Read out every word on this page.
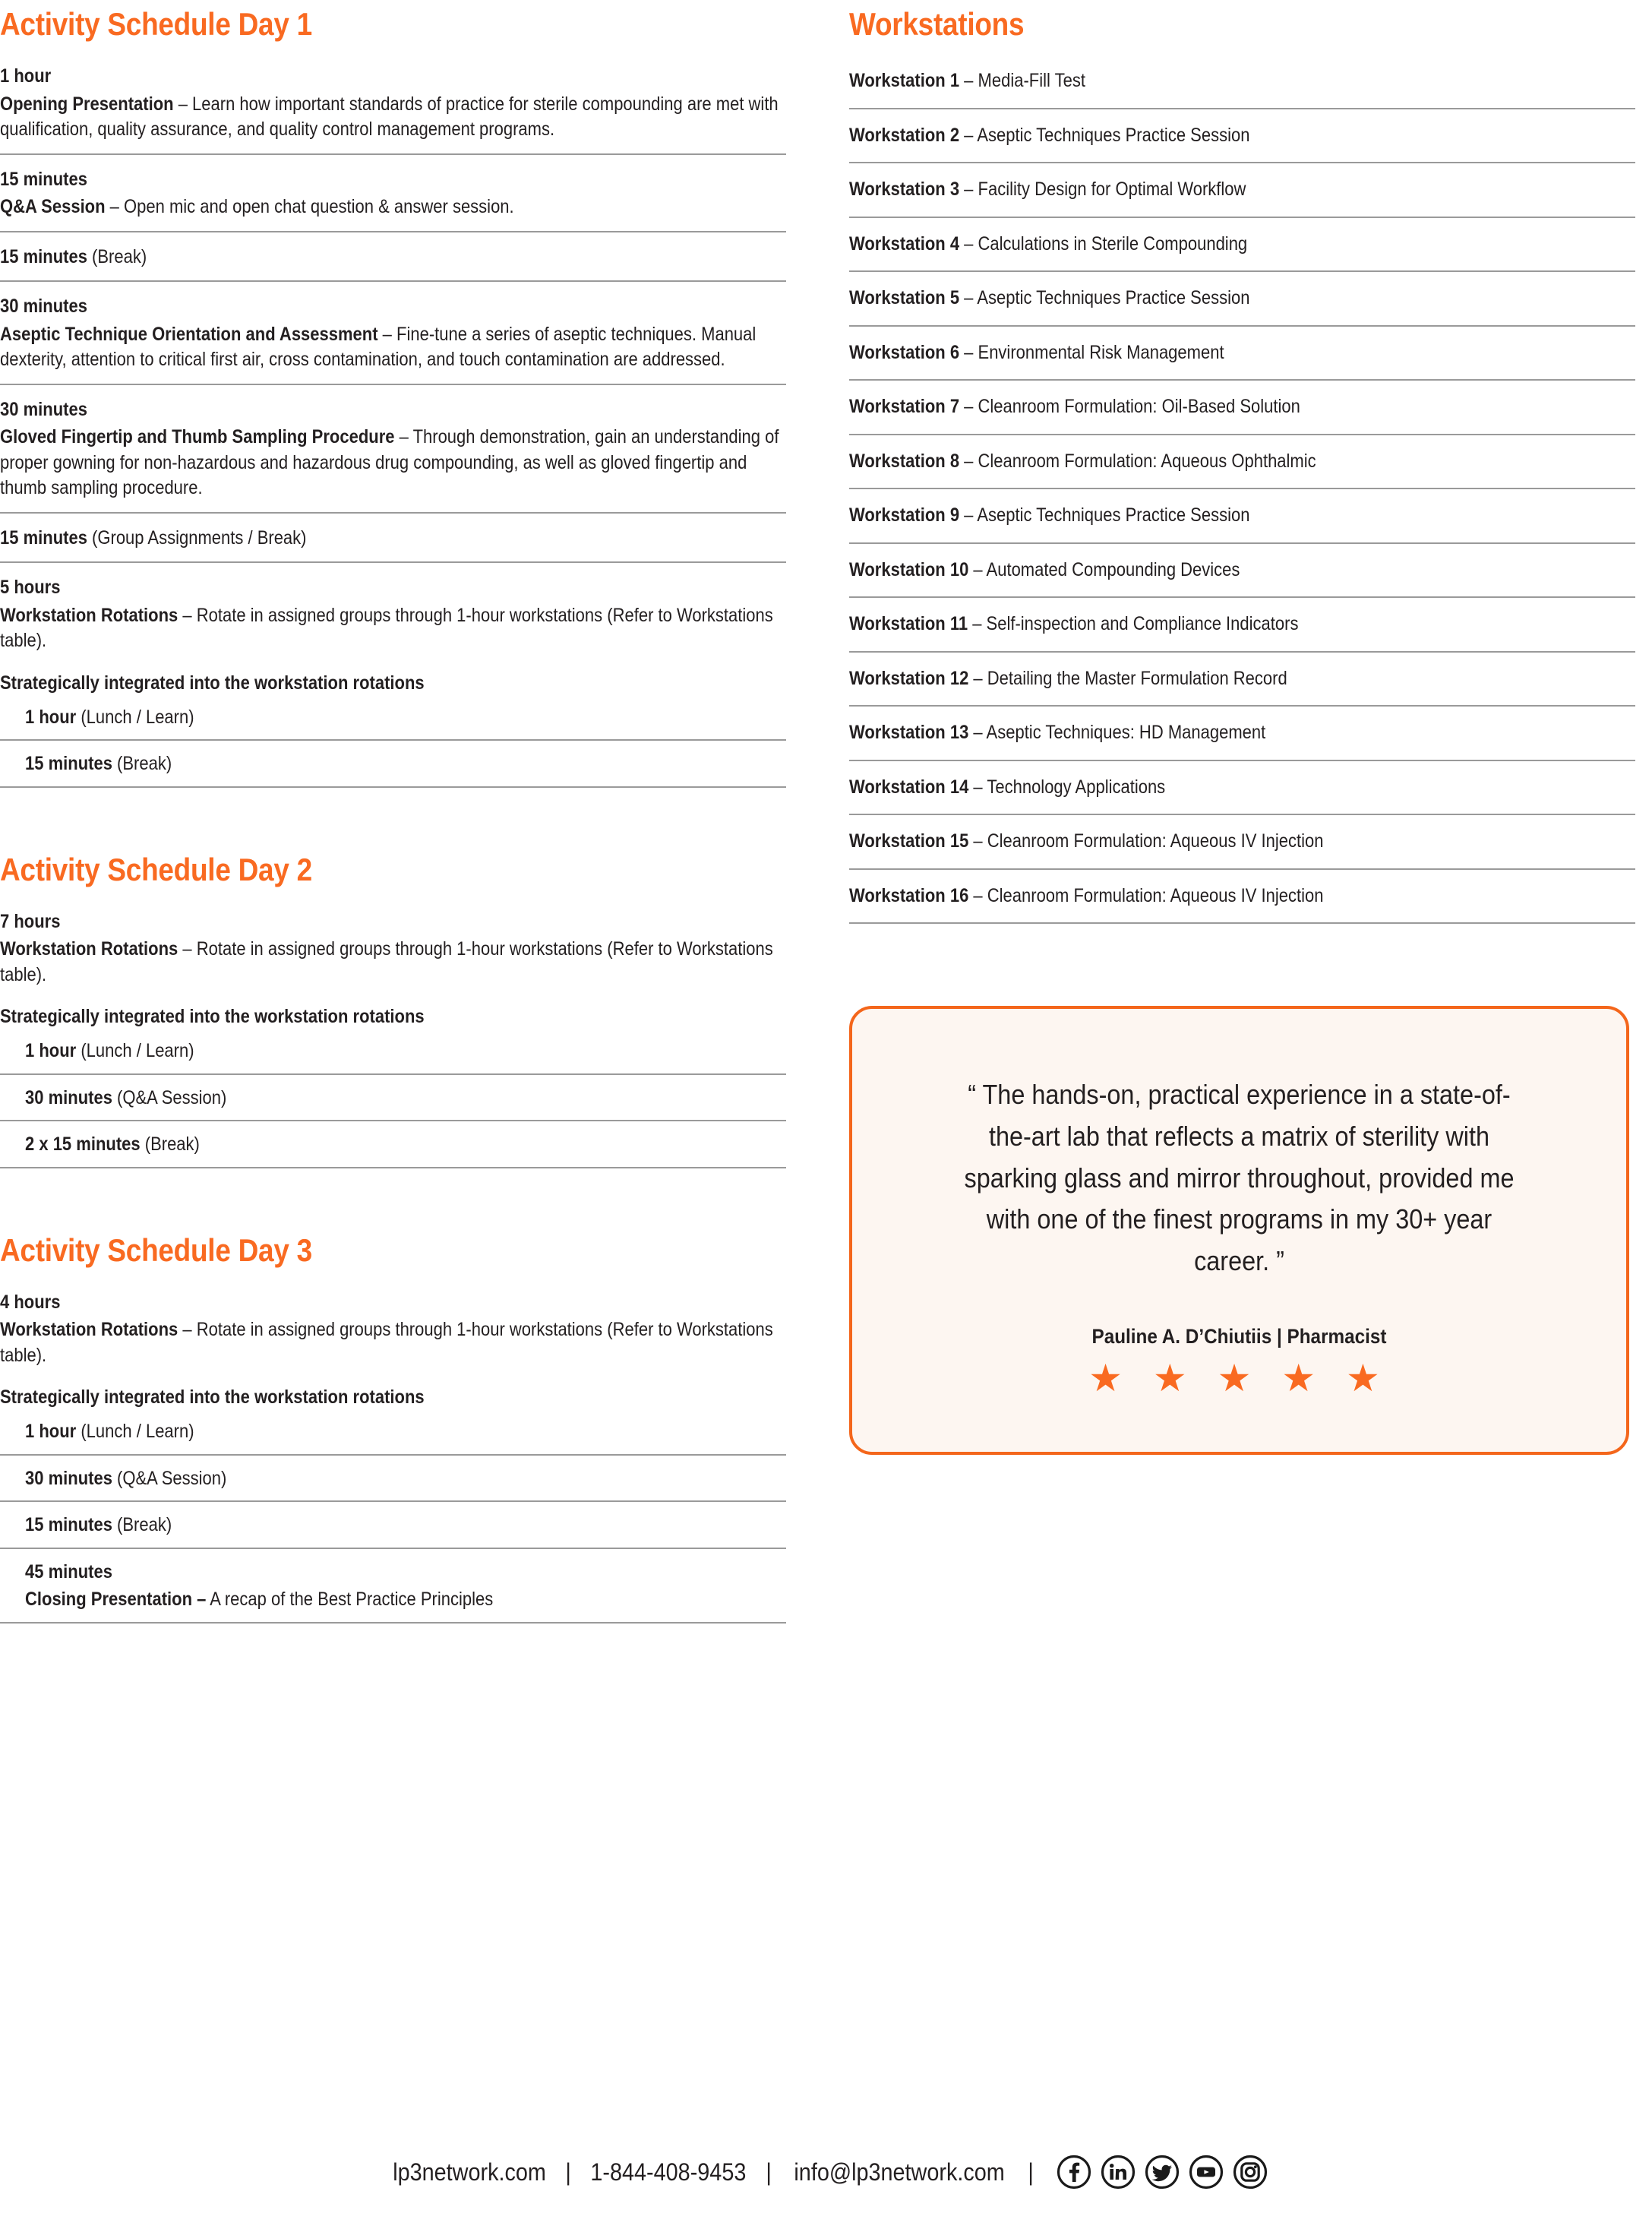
Activity Schedule Day 1
1 hour
Opening Presentation – Learn how important standards of practice for sterile compounding are met with qualification, quality assurance, and quality control management programs.
15 minutes
Q&A Session – Open mic and open chat question & answer session.
15 minutes (Break)
30 minutes
Aseptic Technique Orientation and Assessment – Fine-tune a series of aseptic techniques. Manual dexterity, attention to critical first air, cross contamination, and touch contamination are addressed.
30 minutes
Gloved Fingertip and Thumb Sampling Procedure – Through demonstration, gain an understanding of proper gowning for non-hazardous and hazardous drug compounding, as well as gloved fingertip and thumb sampling procedure.
15 minutes (Group Assignments / Break)
5 hours
Workstation Rotations – Rotate in assigned groups through 1-hour workstations (Refer to Workstations table).
Strategically integrated into the workstation rotations
1 hour (Lunch / Learn)
15 minutes (Break)
Activity Schedule Day 2
7 hours
Workstation Rotations – Rotate in assigned groups through 1-hour workstations (Refer to Workstations table).
Strategically integrated into the workstation rotations
1 hour (Lunch / Learn)
30 minutes (Q&A Session)
2 x 15 minutes (Break)
Activity Schedule Day 3
4 hours
Workstation Rotations – Rotate in assigned groups through 1-hour workstations (Refer to Workstations table).
Strategically integrated into the workstation rotations
1 hour (Lunch / Learn)
30 minutes (Q&A Session)
15 minutes (Break)
45 minutes
Closing Presentation – A recap of the Best Practice Principles
Workstations
Workstation 1 – Media-Fill Test
Workstation 2 – Aseptic Techniques Practice Session
Workstation 3 – Facility Design for Optimal Workflow
Workstation 4 – Calculations in Sterile Compounding
Workstation 5 – Aseptic Techniques Practice Session
Workstation 6 – Environmental Risk Management
Workstation 7 – Cleanroom Formulation: Oil-Based Solution
Workstation 8 – Cleanroom Formulation: Aqueous Ophthalmic
Workstation 9 – Aseptic Techniques Practice Session
Workstation 10 – Automated Compounding Devices
Workstation 11 – Self-inspection and Compliance Indicators
Workstation 12 – Detailing the Master Formulation Record
Workstation 13 – Aseptic Techniques: HD Management
Workstation 14 – Technology Applications
Workstation 15 – Cleanroom Formulation: Aqueous IV Injection
Workstation 16 – Cleanroom Formulation: Aqueous IV Injection
“ The hands-on, practical experience in a state-of-the-art lab that reflects a matrix of sterility with sparking glass and mirror throughout, provided me with one of the finest programs in my 30+ year career. ”
Pauline A. D’Chiutiis | Pharmacist
★ ★ ★ ★ ★
lp3network.com | 1-844-408-9453 | info@lp3network.com |
